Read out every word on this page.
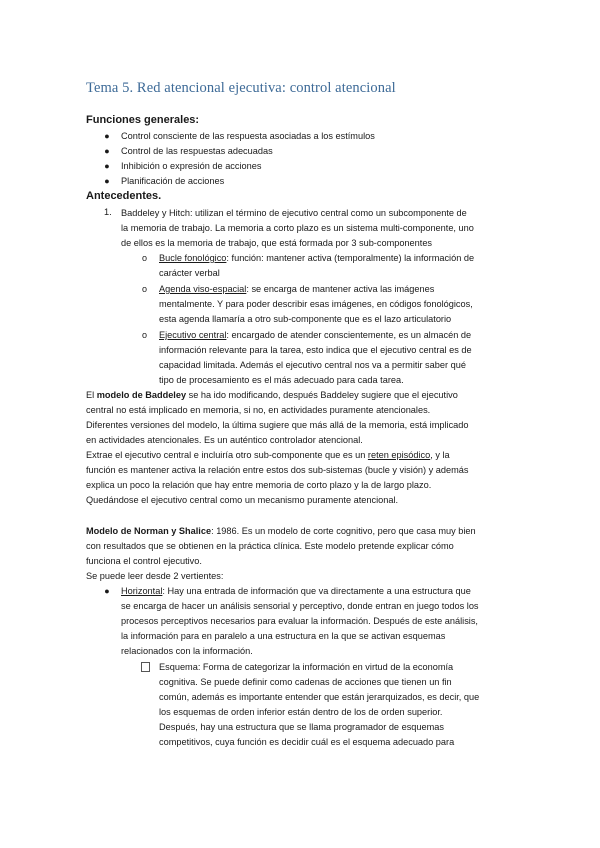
Tema 5. Red atencional ejecutiva: control atencional
Funciones generales:
● Control consciente de las respuesta asociadas a los estímulos
● Control de las respuestas adecuadas
● Inhibición o expresión de acciones
● Planificación de acciones
Antecedentes.
1. Baddeley y Hitch: utilizan el término de ejecutivo central como un subcomponente de
la memoria de trabajo. La memoria a corto plazo es un sistema multi-componente, uno
de ellos es la memoria de trabajo, que está formada por 3 sub-componentes
o Bucle fonológico: función: mantener activa (temporalmente) la información de
carácter verbal
o Agenda viso-espacial: se encarga de mantener activa las imágenes
mentalmente. Y para poder describir esas imágenes, en códigos fonológicos,
esta agenda llamaría a otro sub-componente que es el lazo articulatorio
o Ejecutivo central: encargado de atender conscientemente, es un almacén de
información relevante para la tarea, esto indica que el ejecutivo central es de
capacidad limitada. Además el ejecutivo central nos va a permitir saber qué
tipo de procesamiento es el más adecuado para cada tarea.
El modelo de Baddeley se ha ido modificando, después Baddeley sugiere que el ejecutivo
central no está implicado en memoria, si no, en actividades puramente atencionales.
Diferentes versiones del modelo, la última sugiere que más allá de la memoria, está implicado
en actividades atencionales. Es un auténtico controlador atencional.
Extrae el ejecutivo central e incluiría otro sub-componente que es un reten episódico, y la
función es mantener activa la relación entre estos dos sub-sistemas (bucle y visión) y además
explica un poco la relación que hay entre memoria de corto plazo y la de largo plazo.
Quedándose el ejecutivo central como un mecanismo puramente atencional.
Modelo de Norman y Shalice: 1986. Es un modelo de corte cognitivo, pero que casa muy bien
con resultados que se obtienen en la práctica clínica. Este modelo pretende explicar cómo
funciona el control ejecutivo.
Se puede leer desde 2 vertientes:
● Horizontal: Hay una entrada de información que va directamente a una estructura que
se encarga de hacer un análisis sensorial y perceptivo, donde entran en juego todos los
procesos perceptivos necesarios para evaluar la información. Después de este análisis,
la información para en paralelo a una estructura en la que se activan esquemas
relacionados con la información.
Esquema: Forma de categorizar la información en virtud de la economía
cognitiva. Se puede definir como cadenas de acciones que tienen un fin
común, además es importante entender que están jerarquizados, es decir, que
los esquemas de orden inferior están dentro de los de orden superior.
Después, hay una estructura que se llama programador de esquemas
competitivos, cuya función es decidir cuál es el esquema adecuado para
